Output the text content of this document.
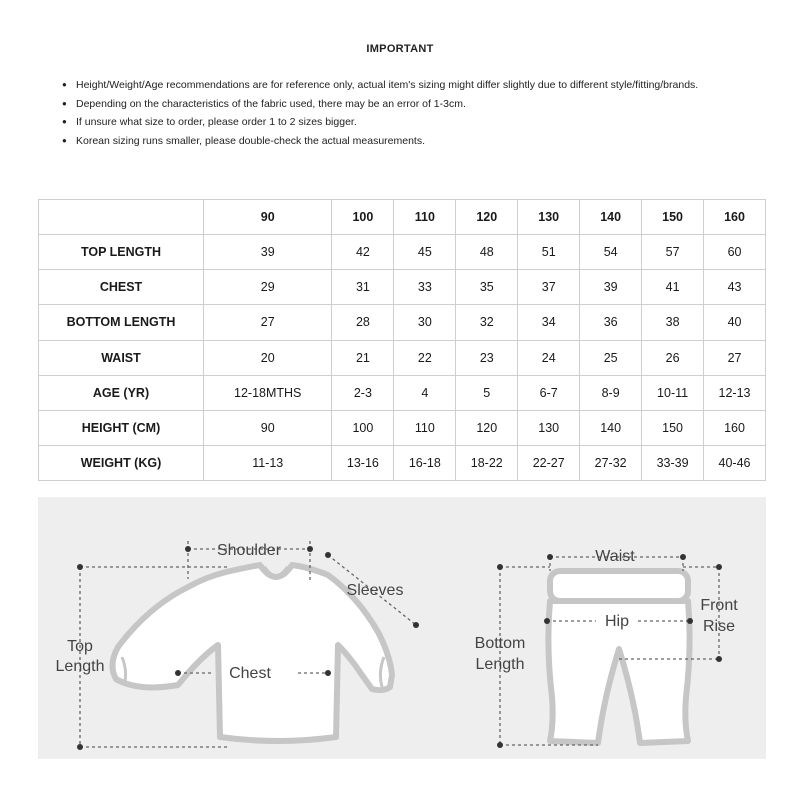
IMPORTANT
● Height/Weight/Age recommendations are for reference only, actual item's sizing might differ slightly due to different style/fitting/brands.
● Depending on the characteristics of the fabric used, there may be an error of 1-3cm.
● If unsure what size to order, please order 1 to 2 sizes bigger.
● Korean sizing runs smaller, please double-check the actual measurements.
	90	100	110	120	130	140	150	160
TOP LENGTH	39	42	45	48	51	54	57	60
CHEST	29	31	33	35	37	39	41	43
BOTTOM LENGTH	27	28	30	32	34	36	38	40
WAIST	20	21	22	23	24	25	26	27
AGE (YR)	12-18MTHS	2-3	4	5	6-7	8-9	10-11	12-13
HEIGHT (CM)	90	100	110	120	130	140	150	160
WEIGHT (KG)	11-13	13-16	16-18	18-22	22-27	27-32	33-39	40-46
Shoulder
Sleeves
Top
Length	Chest
Waist
Hip
Front
Rise
Bottom
Length
